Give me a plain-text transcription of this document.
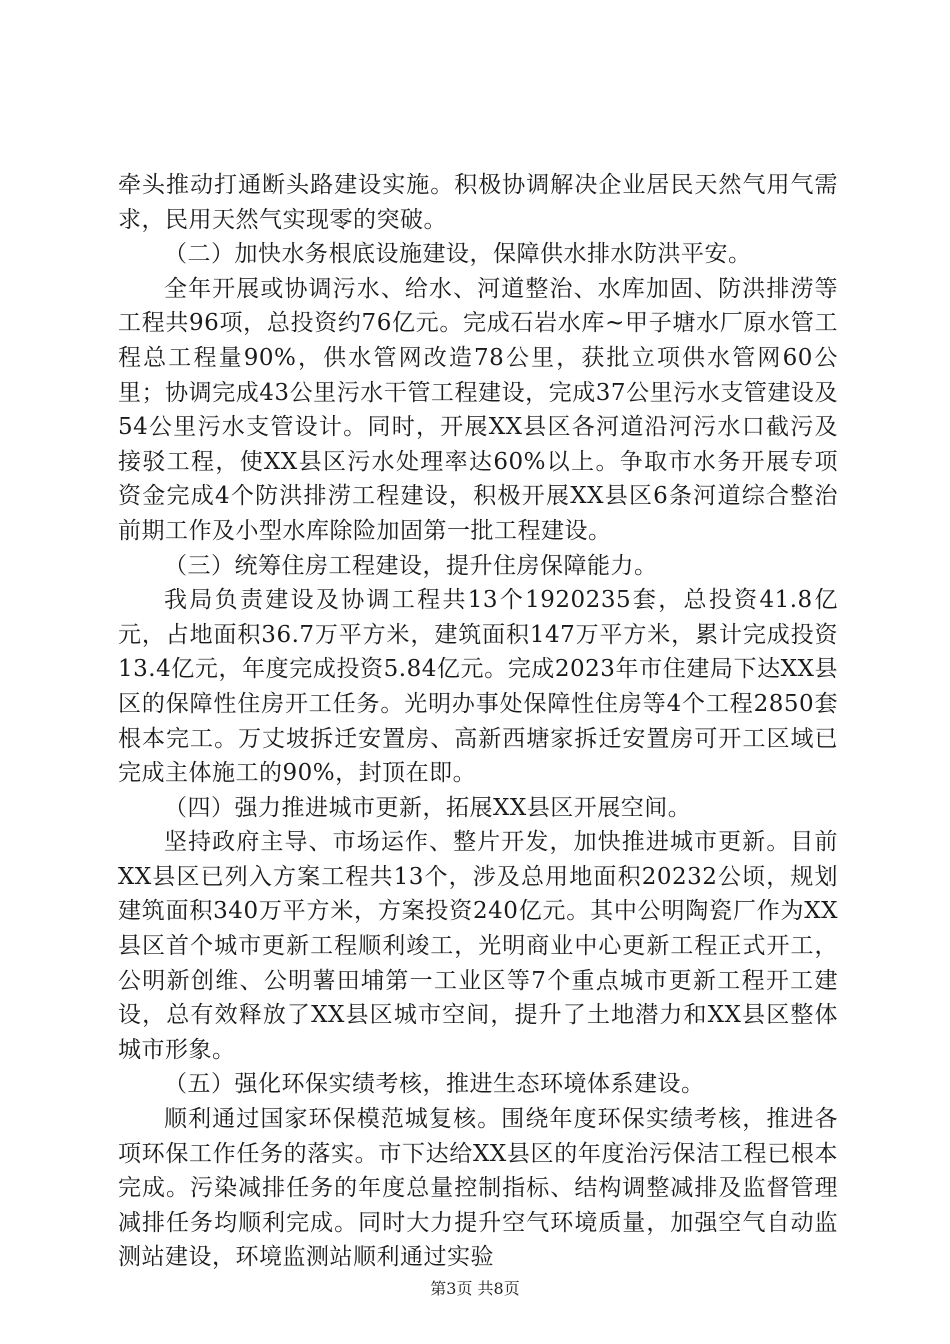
牵头推动打通断头路建设实施。积极协调解决企业居民天然气用气需求，民用天然气实现零的突破。

（二）加快水务根底设施建设，保障供水排水防洪平安。

全年开展或协调污水、给水、河道整治、水库加固、防洪排涝等工程共96项，总投资约76亿元。完成石岩水库~甲子塘水厂原水管工程总工程量90%，供水管网改造78公里，获批立项供水管网60公里；协调完成43公里污水干管工程建设，完成37公里污水支管建设及54公里污水支管设计。同时，开展XX县区各河道沿河污水口截污及接驳工程，使XX县区污水处理率达60%以上。争取市水务开展专项资金完成4个防洪排涝工程建设，积极开展XX县区6条河道综合整治前期工作及小型水库除险加固第一批工程建设。

（三）统筹住房工程建设，提升住房保障能力。

我局负责建设及协调工程共13个1920235套，总投资41.8亿元，占地面积36.7万平方米，建筑面积147万平方米，累计完成投资13.4亿元，年度完成投资5.84亿元。完成2023年市住建局下达XX县区的保障性住房开工任务。光明办事处保障性住房等4个工程2850套根本完工。万丈坡拆迁安置房、高新西塘家拆迁安置房可开工区域已完成主体施工的90%，封顶在即。

（四）强力推进城市更新，拓展XX县区开展空间。

坚持政府主导、市场运作、整片开发，加快推进城市更新。目前XX县区已列入方案工程共13个，涉及总用地面积20232公顷，规划建筑面积340万平方米，方案投资240亿元。其中公明陶瓷厂作为XX县区首个城市更新工程顺利竣工，光明商业中心更新工程正式开工，公明新创维、公明薯田埔第一工业区等7个重点城市更新工程开工建设，总有效释放了XX县区城市空间，提升了土地潜力和XX县区整体城市形象。

（五）强化环保实绩考核，推进生态环境体系建设。

顺利通过国家环保模范城复核。围绕年度环保实绩考核，推进各项环保工作任务的落实。市下达给XX县区的年度治污保洁工程已根本完成。污染减排任务的年度总量控制指标、结构调整减排及监督管理减排任务均顺利完成。同时大力提升空气环境质量，加强空气自动监测站建设，环境监测站顺利通过实验

第3页 共8页
